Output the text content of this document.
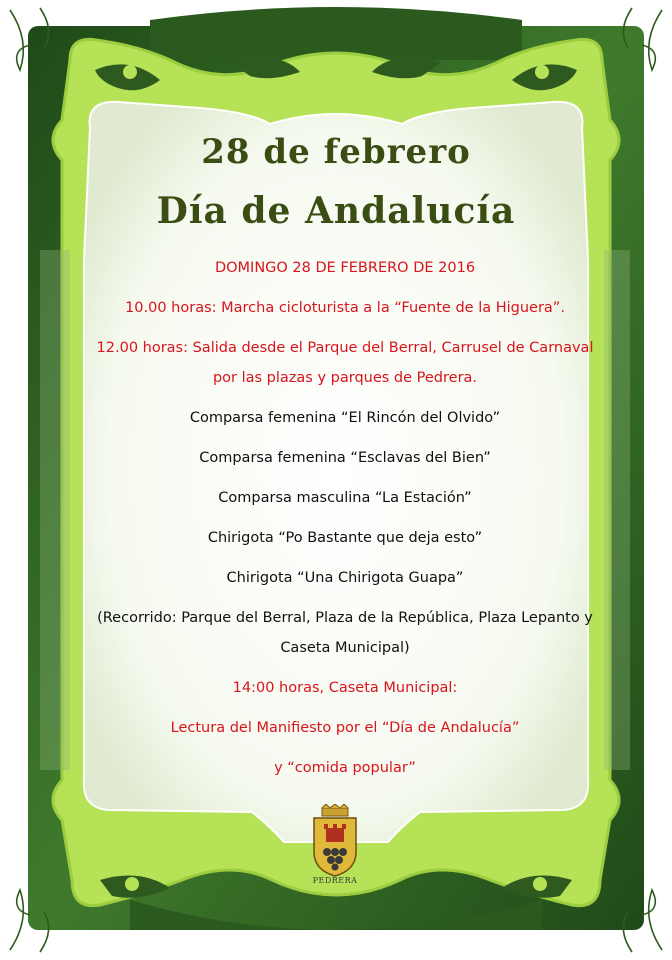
28 de febrero
Día de Andalucía
DOMINGO 28 DE FEBRERO DE 2016
10.00 horas: Marcha cicloturista a la “Fuente de la Higuera”.
12.00 horas: Salida desde el Parque del Berral, Carrusel de Carnaval
por las plazas y parques de Pedrera.
Comparsa femenina “El Rincón del Olvido”
Comparsa femenina “Esclavas del Bien”
Comparsa masculina “La Estación”
Chirigota “Po Bastante que deja esto”
Chirigota “Una Chirigota Guapa”
(Recorrido: Parque del Berral, Plaza de la República, Plaza Lepanto y
Caseta Municipal)
14:00 horas, Caseta Municipal:
Lectura del Manifiesto por el “Día de Andalucía”
y “comida popular”
PEDRERA
